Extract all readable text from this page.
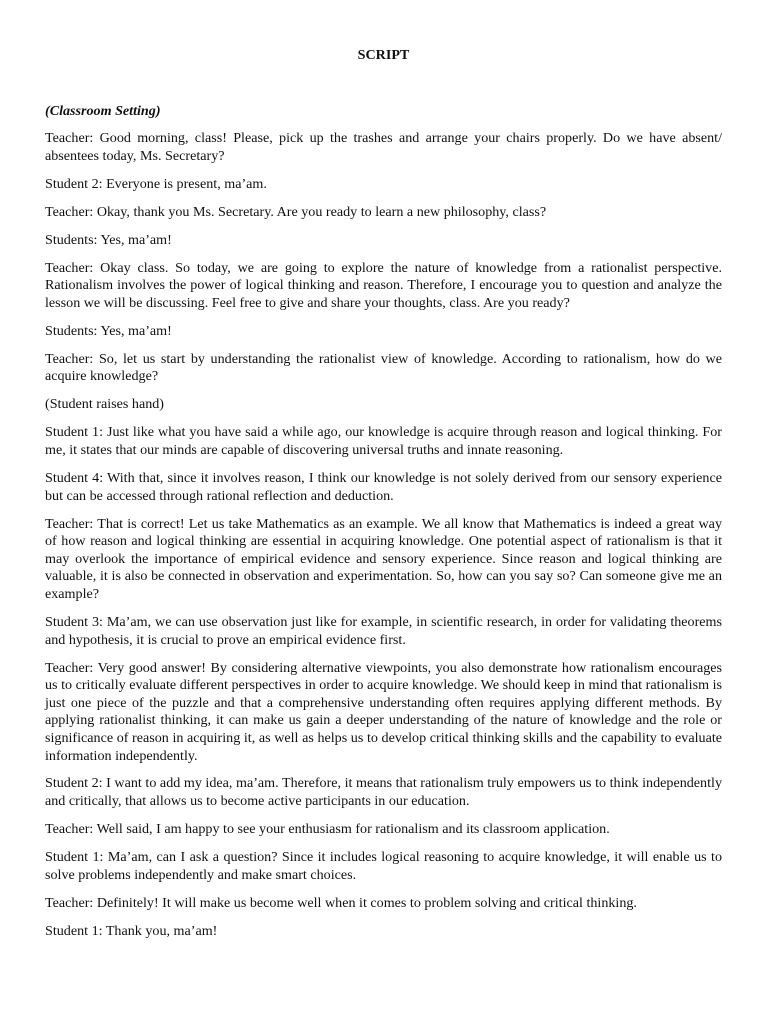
SCRIPT
(Classroom Setting)

Teacher: Good morning, class! Please, pick up the trashes and arrange your chairs properly. Do we have absent/ absentees today, Ms. Secretary?

Student 2: Everyone is present, ma’am.

Teacher: Okay, thank you Ms. Secretary. Are you ready to learn a new philosophy, class?

Students: Yes, ma’am!

Teacher: Okay class. So today, we are going to explore the nature of knowledge from a rationalist perspective. Rationalism involves the power of logical thinking and reason. Therefore, I encourage you to question and analyze the lesson we will be discussing. Feel free to give and share your thoughts, class. Are you ready?

Students: Yes, ma’am!

Teacher: So, let us start by understanding the rationalist view of knowledge. According to rationalism, how do we acquire knowledge?

(Student raises hand)

Student 1: Just like what you have said a while ago, our knowledge is acquire through reason and logical thinking. For me, it states that our minds are capable of discovering universal truths and innate reasoning.

Student 4: With that, since it involves reason, I think our knowledge is not solely derived from our sensory experience but can be accessed through rational reflection and deduction.

Teacher: That is correct! Let us take Mathematics as an example. We all know that Mathematics is indeed a great way of how reason and logical thinking are essential in acquiring knowledge. One potential aspect of rationalism is that it may overlook the importance of empirical evidence and sensory experience. Since reason and logical thinking are valuable, it is also be connected in observation and experimentation. So, how can you say so? Can someone give me an example?

Student 3: Ma’am, we can use observation just like for example, in scientific research, in order for validating theorems and hypothesis, it is crucial to prove an empirical evidence first.

Teacher: Very good answer! By considering alternative viewpoints, you also demonstrate how rationalism encourages us to critically evaluate different perspectives in order to acquire knowledge. We should keep in mind that rationalism is just one piece of the puzzle and that a comprehensive understanding often requires applying different methods. By applying rationalist thinking, it can make us gain a deeper understanding of the nature of knowledge and the role or significance of reason in acquiring it, as well as helps us to develop critical thinking skills and the capability to evaluate information independently.

Student 2: I want to add my idea, ma’am. Therefore, it means that rationalism truly empowers us to think independently and critically, that allows us to become active participants in our education.

Teacher: Well said, I am happy to see your enthusiasm for rationalism and its classroom application.

Student 1: Ma’am, can I ask a question? Since it includes logical reasoning to acquire knowledge, it will enable us to solve problems independently and make smart choices.

Teacher: Definitely! It will make us become well when it comes to problem solving and critical thinking.

Student 1: Thank you, ma’am!
